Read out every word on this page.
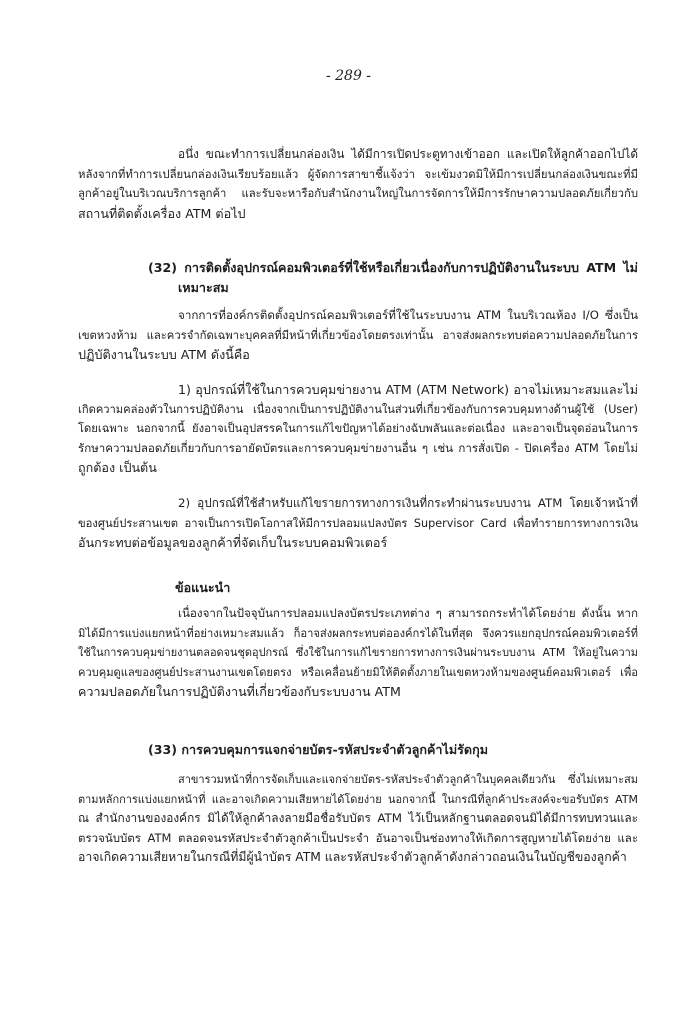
- 289 -
อนึ่ง ขณะทำการเปลี่ยนกล่องเงิน ได้มีการเปิดประตูทางเข้าออก และเปิดให้ลูกค้าออกไปได้
หลังจากที่ทำการเปลี่ยนกล่องเงินเรียบร้อยแล้ว ผู้จัดการสาขาชี้แจ้งว่า จะเข้มงวดมิให้มีการเปลี่ยนกล่องเงินขณะที่มี
ลูกค้าอยู่ในบริเวณบริการลูกค้า และรับจะหารือกับสำนักงานใหญ่ในการจัดการให้มีการรักษาความปลอดภัยเกี่ยวกับ
สถานที่ติดตั้งเครื่อง ATM ต่อไป
(32) การติดตั้งอุปกรณ์คอมพิวเตอร์ที่ใช้หรือเกี่ยวเนื่องกับการปฏิบัติงานในระบบ ATM ไม่
เหมาะสม
จากการที่องค์กรติดตั้งอุปกรณ์คอมพิวเตอร์ที่ใช้ในระบบงาน ATM ในบริเวณห้อง I/O ซึ่งเป็น
เขตหวงห้าม และควรจำกัดเฉพาะบุคคลที่มีหน้าที่เกี่ยวข้องโดยตรงเท่านั้น อาจส่งผลกระทบต่อความปลอดภัยในการ
ปฏิบัติงานในระบบ ATM ดังนี้คือ
1) อุปกรณ์ที่ใช้ในการควบคุมข่ายงาน ATM (ATM Network) อาจไม่เหมาะสมและไม่
เกิดความคล่องตัวในการปฏิบัติงาน เนื่องจากเป็นการปฏิบัติงานในส่วนที่เกี่ยวข้องกับการควบคุมทางด้านผู้ใช้ (User)
โดยเฉพาะ นอกจากนี้ ยังอาจเป็นอุปสรรคในการแก้ไขปัญหาได้อย่างฉับพลันและต่อเนื่อง และอาจเป็นจุดอ่อนในการ
รักษาความปลอดภัยเกี่ยวกับการอายัดบัตรและการควบคุมข่ายงานอื่น ๆ เช่น การสั่งเปิด - ปิดเครื่อง ATM โดยไม่
ถูกต้อง เป็นต้น
2) อุปกรณ์ที่ใช้สำหรับแก้ไขรายการทางการเงินที่กระทำผ่านระบบงาน ATM โดยเจ้าหน้าที่
ของศูนย์ประสานเขต อาจเป็นการเปิดโอกาสให้มีการปลอมแปลงบัตร Supervisor Card เพื่อทำรายการทางการเงิน
อันกระทบต่อข้อมูลของลูกค้าที่จัดเก็บในระบบคอมพิวเตอร์
ข้อแนะนำ
เนื่องจากในปัจจุบันการปลอมแปลงบัตรประเภทต่าง ๆ สามารถกระทำได้โดยง่าย ดังนั้น หาก
มิได้มีการแบ่งแยกหน้าที่อย่างเหมาะสมแล้ว ก็อาจส่งผลกระทบต่อองค์กรได้ในที่สุด จึงควรแยกอุปกรณ์คอมพิวเตอร์ที่
ใช้ในการควบคุมข่ายงานตลอดจนชุดอุปกรณ์ ซึ่งใช้ในการแก้ไขรายการทางการเงินผ่านระบบงาน ATM ให้อยู่ในความ
ควบคุมดูแลของศูนย์ประสานงานเขตโดยตรง หรือเคลื่อนย้ายมิให้ติดตั้งภายในเขตหวงห้ามของศูนย์คอมพิวเตอร์ เพื่อ
ความปลอดภัยในการปฏิบัติงานที่เกี่ยวข้องกับระบบงาน ATM
(33) การควบคุมการแจกจ่ายบัตร-รหัสประจำตัวลูกค้าไม่รัดกุม
สาขารวมหน้าที่การจัดเก็บและแจกจ่ายบัตร-รหัสประจำตัวลูกค้าในบุคคลเดียวกัน ซึ่งไม่เหมาะสม
ตามหลักการแบ่งแยกหน้าที่ และอาจเกิดความเสียหายได้โดยง่าย นอกจากนี้ ในกรณีที่ลูกค้าประสงค์จะขอรับบัตร ATM
ณ สำนักงานขององค์กร มิได้ให้ลูกค้าลงลายมือชื่อรับบัตร ATM ไว้เป็นหลักฐานตลอดจนมิได้มีการทบทวนและ
ตรวจนับบัตร ATM ตลอดจนรหัสประจำตัวลูกค้าเป็นประจำ อันอาจเป็นช่องทางให้เกิดการสูญหายได้โดยง่าย และ
อาจเกิดความเสียหายในกรณีที่มีผู้นำบัตร ATM และรหัสประจำตัวลูกค้าดังกล่าวถอนเงินในบัญชีของลูกค้า
